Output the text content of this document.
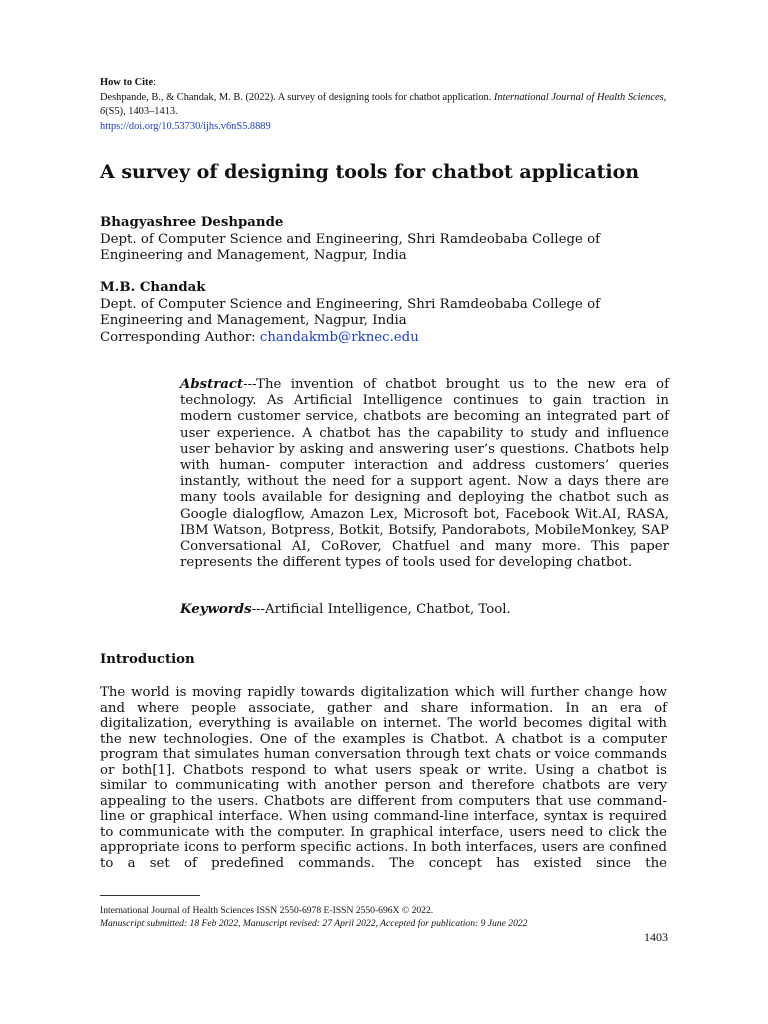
How to Cite:
Deshpande, B., & Chandak, M. B. (2022). A survey of designing tools for chatbot application. International Journal of Health Sciences, 6(S5), 1403–1413.
https://doi.org/10.53730/ijhs.v6nS5.8889
A survey of designing tools for chatbot application
Bhagyashree Deshpande
Dept. of Computer Science and Engineering, Shri Ramdeobaba College of Engineering and Management, Nagpur, India
M.B. Chandak
Dept. of Computer Science and Engineering, Shri Ramdeobaba College of Engineering and Management, Nagpur, India
Corresponding Author: chandakmb@rknec.edu
Abstract---The invention of chatbot brought us to the new era of technology. As Artificial Intelligence continues to gain traction in modern customer service, chatbots are becoming an integrated part of user experience. A chatbot has the capability to study and influence user behavior by asking and answering user’s questions. Chatbots help with human- computer interaction and address customers’ queries instantly, without the need for a support agent. Now a days there are many tools available for designing and deploying the chatbot such as Google dialogflow, Amazon Lex, Microsoft bot, Facebook Wit.AI, RASA, IBM Watson, Botpress, Botkit, Botsify, Pandorabots, MobileMonkey, SAP Conversational AI, CoRover, Chatfuel and many more. This paper represents the different types of tools used for developing chatbot.
Keywords---Artificial Intelligence, Chatbot, Tool.
Introduction

The world is moving rapidly towards digitalization which will further change how and where people associate, gather and share information. In an era of digitalization, everything is available on internet. The world becomes digital with the new technologies. One of the examples is Chatbot. A chatbot is a computer program that simulates human conversation through text chats or voice commands or both[1]. Chatbots respond to what users speak or write. Using a chatbot is similar to communicating with another person and therefore chatbots are very appealing to the users. Chatbots are different from computers that use command-line or graphical interface. When using command-line interface, syntax is required to communicate with the computer. In graphical interface, users need to click the appropriate icons to perform specific actions. In both interfaces, users are confined to a set of predefined commands. The concept has existed since the

International Journal of Health Sciences ISSN 2550-6978 E-ISSN 2550-696X © 2022.
Manuscript submitted: 18 Feb 2022, Manuscript revised: 27 April 2022, Accepted for publication: 9 June 2022
1403
